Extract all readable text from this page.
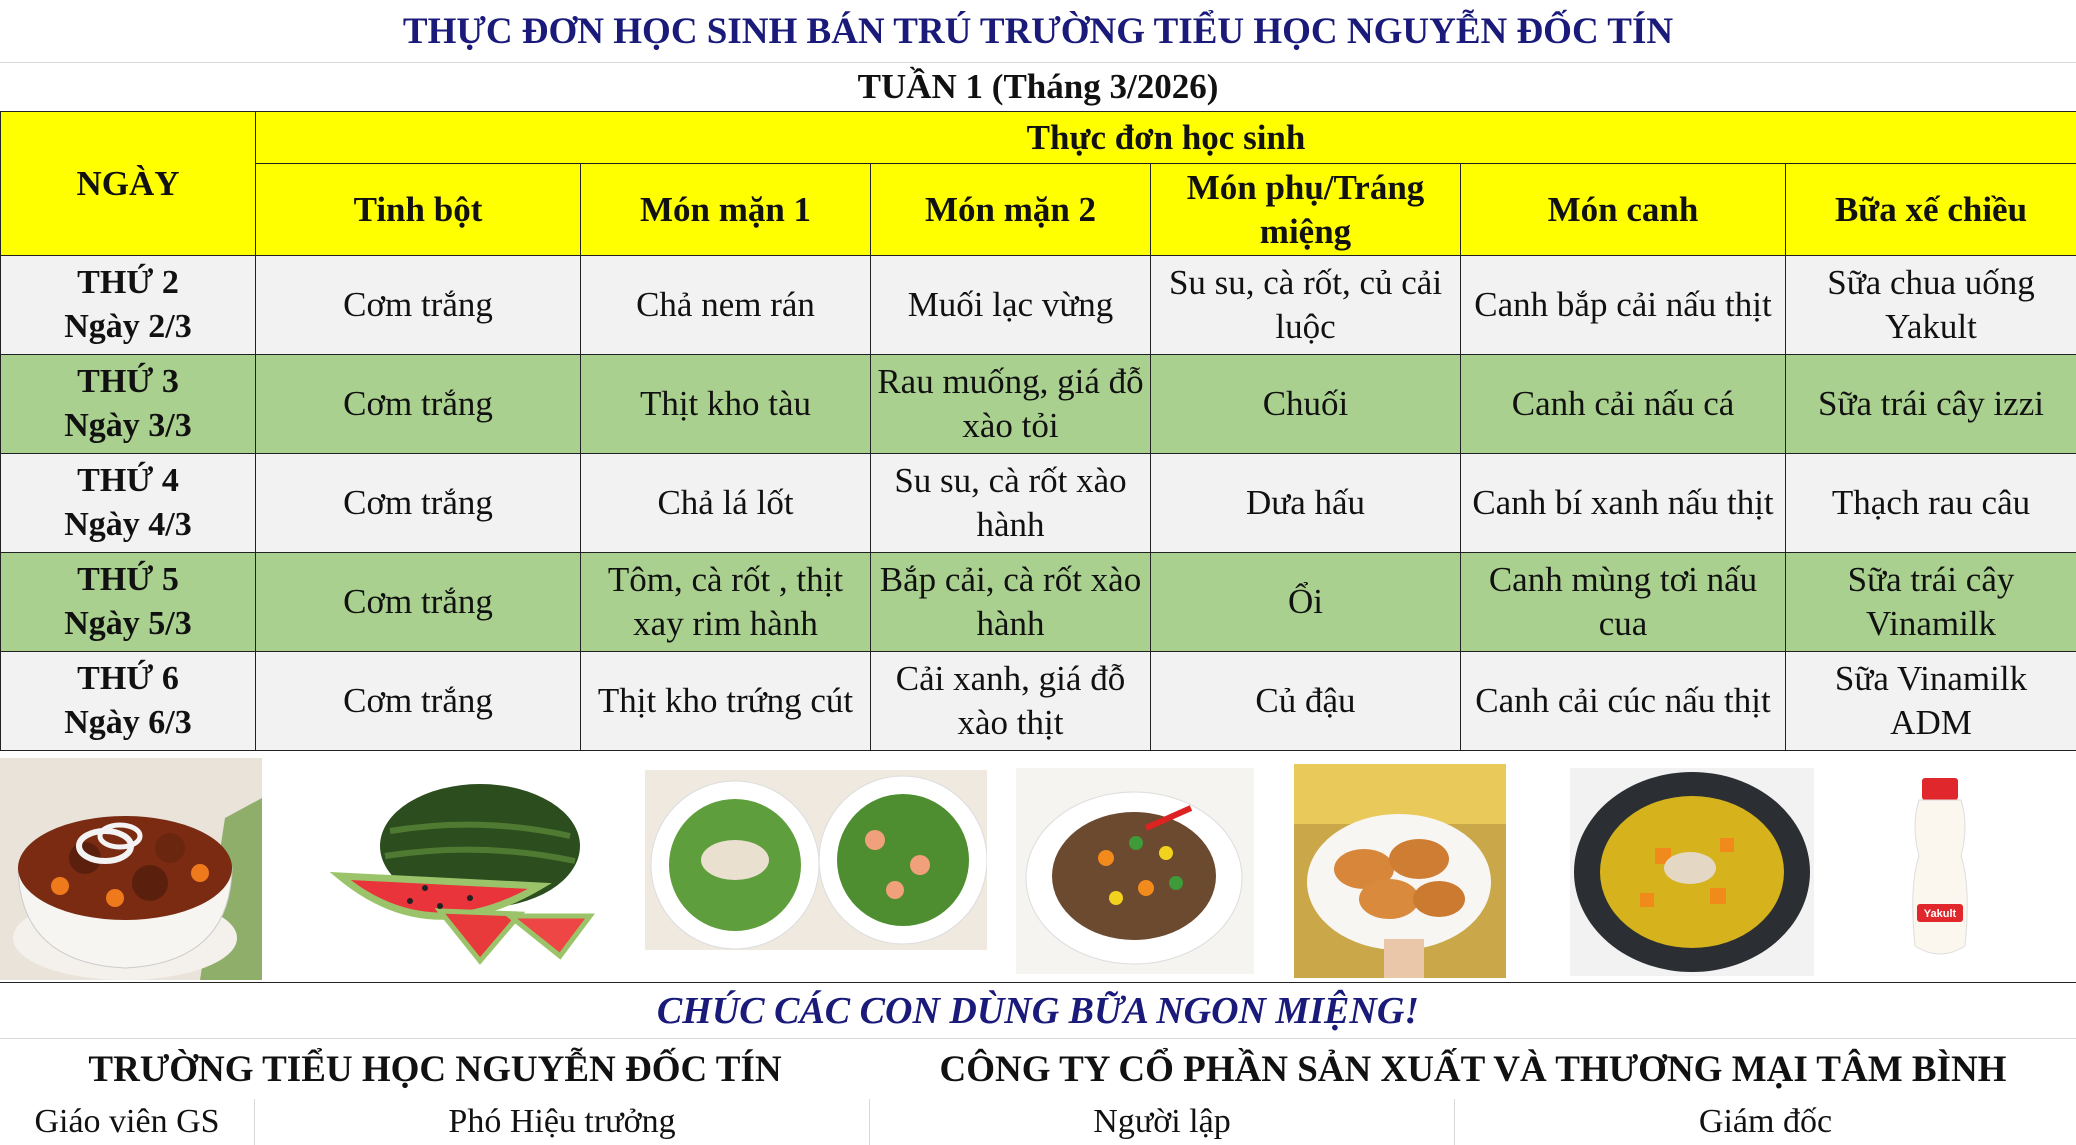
THỰC ĐƠN HỌC SINH BÁN TRÚ TRƯỜNG TIỂU HỌC NGUYỄN ĐỐC TÍN
TUẦN 1 (Tháng 3/2026)
NGÀY	Thực đơn học sinh					
	Tinh bột	Món mặn 1	Món mặn 2	Món phụ/Tráng miệng	Món canh	Bữa xế chiều

THỨ 2
Ngày 2/3	Cơm trắng	Chả nem rán	Muối lạc vừng	Su su, cà rốt, củ cải luộc	Canh bắp cải nấu thịt	Sữa chua uống Yakult

THỨ 3
Ngày 3/3	Cơm trắng	Thịt kho tàu	Rau muống, giá đỗ xào tỏi	Chuối	Canh cải nấu cá	Sữa trái cây izzi

THỨ 4
Ngày 4/3	Cơm trắng	Chả lá lốt	Su su, cà rốt xào hành	Dưa hấu	Canh bí xanh nấu thịt	Thạch rau câu

THỨ 5
Ngày 5/3	Cơm trắng	Tôm, cà rốt , thịt xay rim hành	Bắp cải, cà rốt xào hành	Ổi	Canh mùng tơi nấu cua	Sữa trái cây Vinamilk

THỨ 6
Ngày 6/3	Cơm trắng	Thịt kho trứng cút	Cải xanh, giá đỗ xào thịt	Củ đậu	Canh cải cúc nấu thịt	Sữa Vinamilk ADM
Yakult
CHÚC CÁC CON DÙNG BỮA NGON MIỆNG!
TRƯỜNG TIỂU HỌC NGUYỄN ĐỐC TÍN	CÔNG TY CỔ PHẦN SẢN XUẤT VÀ THƯƠNG MẠI TÂM BÌNH
Giáo viên GS	Phó Hiệu trưởng	Người lập	Giám đốc
